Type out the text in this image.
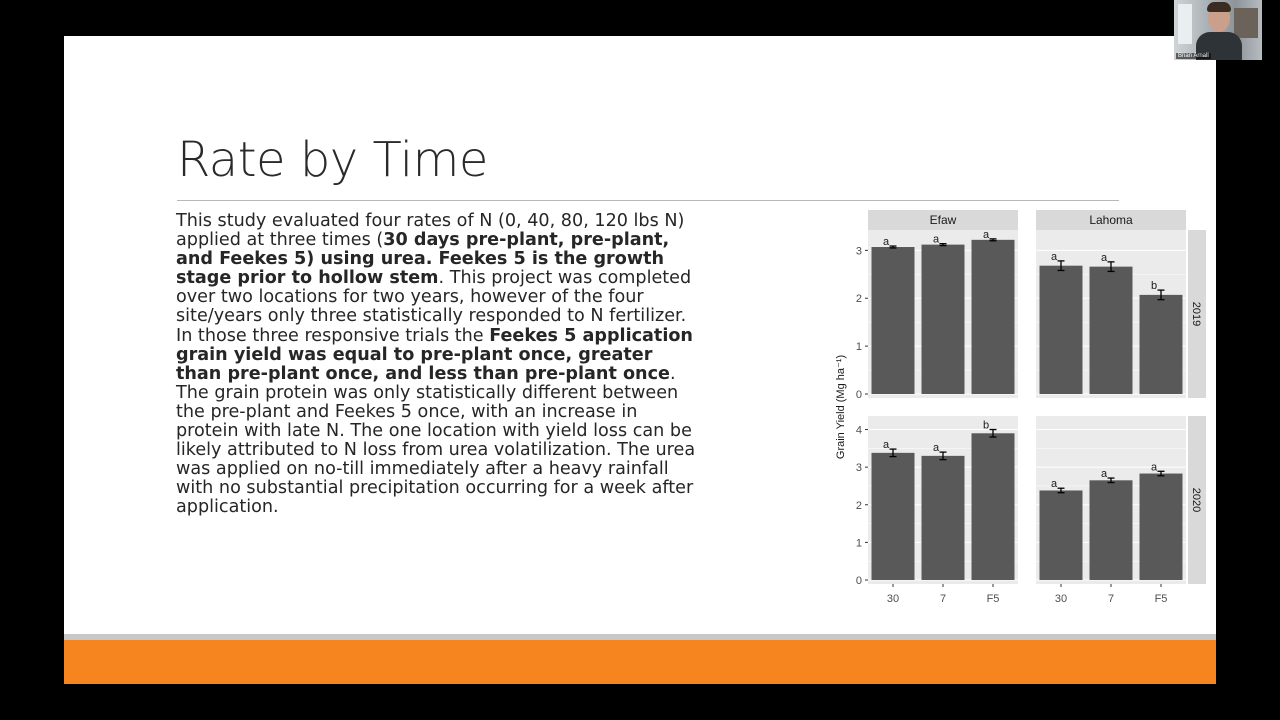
Rate by Time

This study evaluated four rates of N (0, 40, 80, 120 lbs N) applied at three times (30 days pre-plant, pre-plant, and Feekes 5) using urea. Feekes 5 is the growth stage prior to hollow stem. This project was completed over two locations for two years, however of the four site/years only three statistically responded to N fertilizer. In those three responsive trials the Feekes 5 application grain yield was equal to pre-plant once, greater than pre-plant once, and less than pre-plant once. The grain protein was only statistically different between the pre-plant and Feekes 5 once, with an increase in protein with late N. The one location with yield loss can be likely attributed to N loss from urea volatilization. The urea was applied on no-till immediately after a heavy rainfall with no substantial precipitation occurring for a week after application.

Efaw	Lahoma
2019
2020
0
1
2
3
a	a	a
a	a
b
0
1
2
3
4
a
30
a
7
b
F5
a
30
a
7
a
F5
Grain Yield (Mg ha⁻¹)
Brian Arnall
